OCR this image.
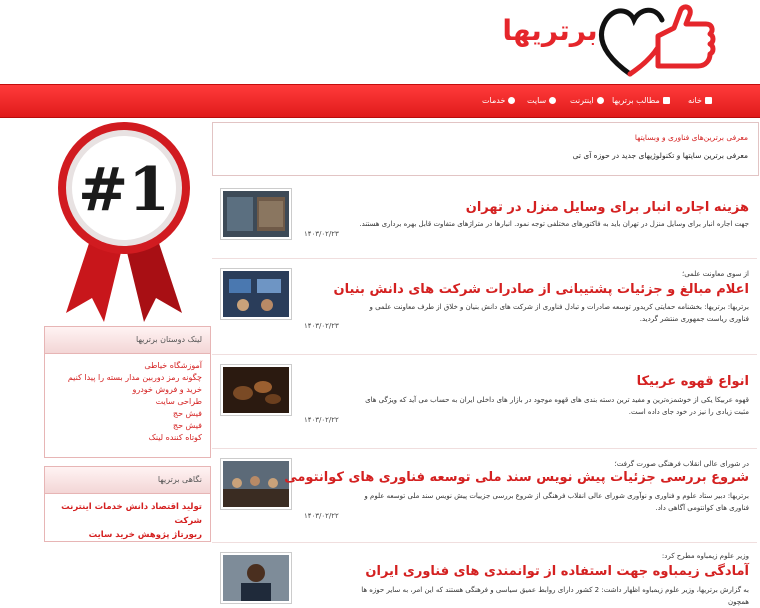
برتریها
خانه
مطالب برتریها
اینترنت
سایت
خدمات
#1
لینک دوستان برتریها
آموزشگاه خیاطی
چگونه رمز دوربین مدار بسته را پیدا کنیم
خرید و فروش خودرو
طراحی سایت
فیش حج
فیش حج
کوتاه کننده لینک
نگاهی برتریها
تولید اقتصاد دانش خدمات اینترنت شرکت
ریورتاژ پژوهش خرید سایت
معرفی برترین‌های فناوری و وبسایتها
معرفی برترین سایتها و تکنولوژیهای جدید در حوزه آی تی
هزینه اجاره انبار برای وسایل منزل در تهران
جهت اجاره انبار برای وسایل منزل در تهران باید به فاکتورهای مختلفی توجه نمود. انبارها در متراژهای متفاوت قابل بهره برداری هستند.
۱۴۰۳/۰۲/۲۳
از سوی معاونت علمی؛
اعلام مبالغ و جزئیات پشتیبانی از صادرات شرکت های دانش بنیان
برتریها: برتریها: بخشنامه حمایتی کریدور توسعه صادرات و تبادل فناوری از شرکت های دانش بنیان و خلاق از طرف معاونت علمی و فناوری ریاست جمهوری منتشر گردید.
۱۴۰۳/۰۲/۲۳
انواع قهوه عربیکا
قهوه عربیکا یکی از خوشمزه‌ترین و مفید ترین دسته بندی های قهوه موجود در بازار های داخلی ایران به حساب می آید که ویژگی های مثبت زیادی را نیز در خود جای داده است.
۱۴۰۳/۰۲/۲۲
در شورای عالی انقلاب فرهنگی صورت گرفت؛
شروع بررسی جزئیات پیش نویس سند ملی توسعه فناوری های کوانتومی
برتریها: دبیر ستاد علوم و فناوری و نوآوری شورای عالی انقلاب فرهنگی از شروع بررسی جزییات پیش نویس سند ملی توسعه علوم و فناوری های کوانتومی آگاهی داد.
۱۴۰۳/۰۲/۲۲
وزیر علوم زیمباوه مطرح کرد:
آمادگی زیمباوه جهت استفاده از توانمندی های فناوری ایران
به گزارش برتریها، وزیر علوم زیمباوه اظهار داشت: 2 کشور دارای روابط عمیق سیاسی و فرهنگی هستند که این امر، به سایر حوزه ها همچون
